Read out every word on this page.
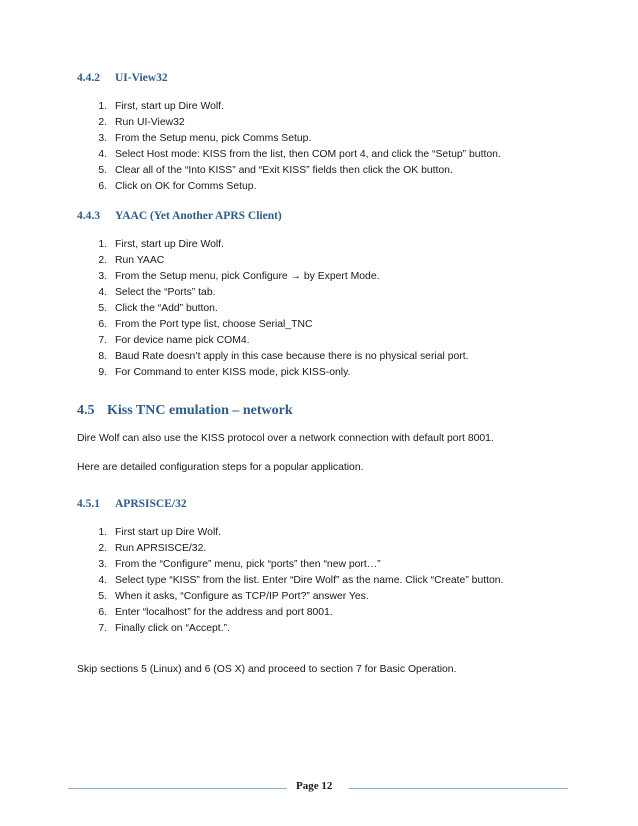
4.4.2 UI-View32
1. First, start up Dire Wolf.
2. Run UI-View32
3. From the Setup menu, pick Comms Setup.
4. Select Host mode: KISS from the list, then COM port 4, and click the “Setup” button.
5. Clear all of the “Into KISS” and “Exit KISS” fields then click the OK button.
6. Click on OK for Comms Setup.
4.4.3 YAAC (Yet Another APRS Client)
1. First, start up Dire Wolf.
2. Run YAAC
3. From the Setup menu, pick Configure → by Expert Mode.
4. Select the “Ports” tab.
5. Click the “Add” button.
6. From the Port type list, choose Serial_TNC
7. For device name pick COM4.
8. Baud Rate doesn’t apply in this case because there is no physical serial port.
9. For Command to enter KISS mode, pick KISS-only.
4.5 Kiss TNC emulation – network
Dire Wolf can also use the KISS protocol over a network connection with default port 8001.
Here are detailed configuration steps for a popular application.
4.5.1 APRSISCE/32
1. First start up Dire Wolf.
2. Run APRSISCE/32.
3. From the “Configure” menu, pick “ports” then “new port…”
4. Select type “KISS” from the list. Enter “Dire Wolf” as the name. Click “Create” button.
5. When it asks, “Configure as TCP/IP Port?” answer Yes.
6. Enter “localhost” for the address and port 8001.
7. Finally click on “Accept.”.
Skip sections 5 (Linux) and 6 (OS X) and proceed to section 7 for Basic Operation.
Page 12
